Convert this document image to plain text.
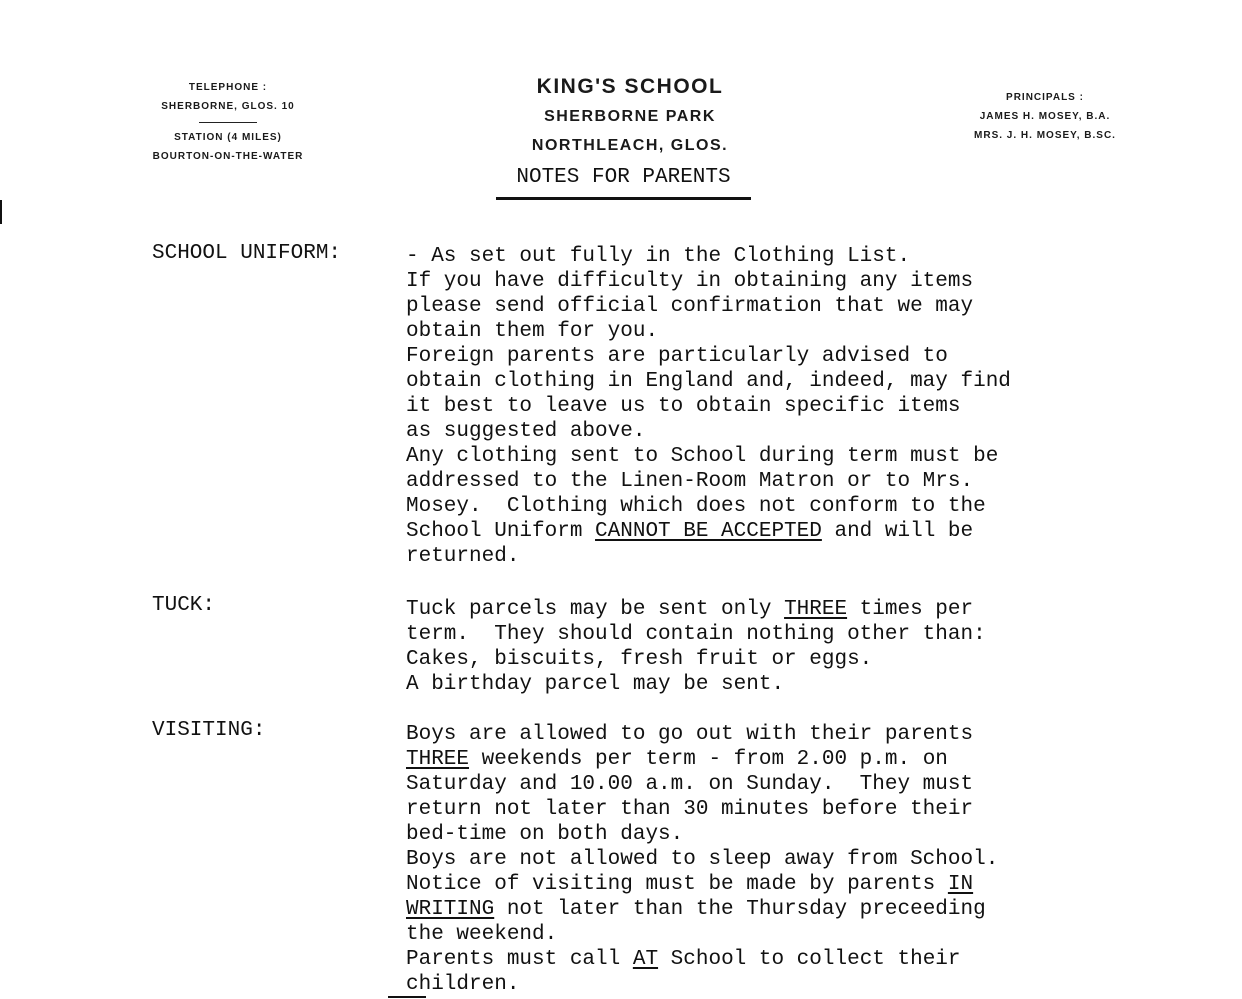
TELEPHONE :
SHERBORNE, GLOS. 10
STATION (4 MILES)
BOURTON-ON-THE-WATER
KING'S SCHOOL
SHERBORNE PARK
NORTHLEACH, GLOS.
PRINCIPALS :
JAMES H. MOSEY, B.A.
MRS. J. H. MOSEY, B.SC.
NOTES FOR PARENTS
SCHOOL UNIFORM:	- As set out fully in the Clothing List.
If you have difficulty in obtaining any items
please send official confirmation that we may
obtain them for you.
Foreign parents are particularly advised to
obtain clothing in England and, indeed, may find
it best to leave us to obtain specific items
as suggested above.
Any clothing sent to School during term must be
addressed to the Linen-Room Matron or to Mrs.
Mosey.  Clothing which does not conform to the
School Uniform CANNOT BE ACCEPTED and will be
returned.
TUCK:	Tuck parcels may be sent only THREE times per
term.  They should contain nothing other than:
Cakes, biscuits, fresh fruit or eggs.
A birthday parcel may be sent.
VISITING:	Boys are allowed to go out with their parents
THREE weekends per term - from 2.00 p.m. on
Saturday and 10.00 a.m. on Sunday.  They must
return not later than 30 minutes before their
bed-time on both days.
Boys are not allowed to sleep away from School.
Notice of visiting must be made by parents IN
WRITING not later than the Thursday preceeding
the weekend.
Parents must call AT School to collect their
children.
